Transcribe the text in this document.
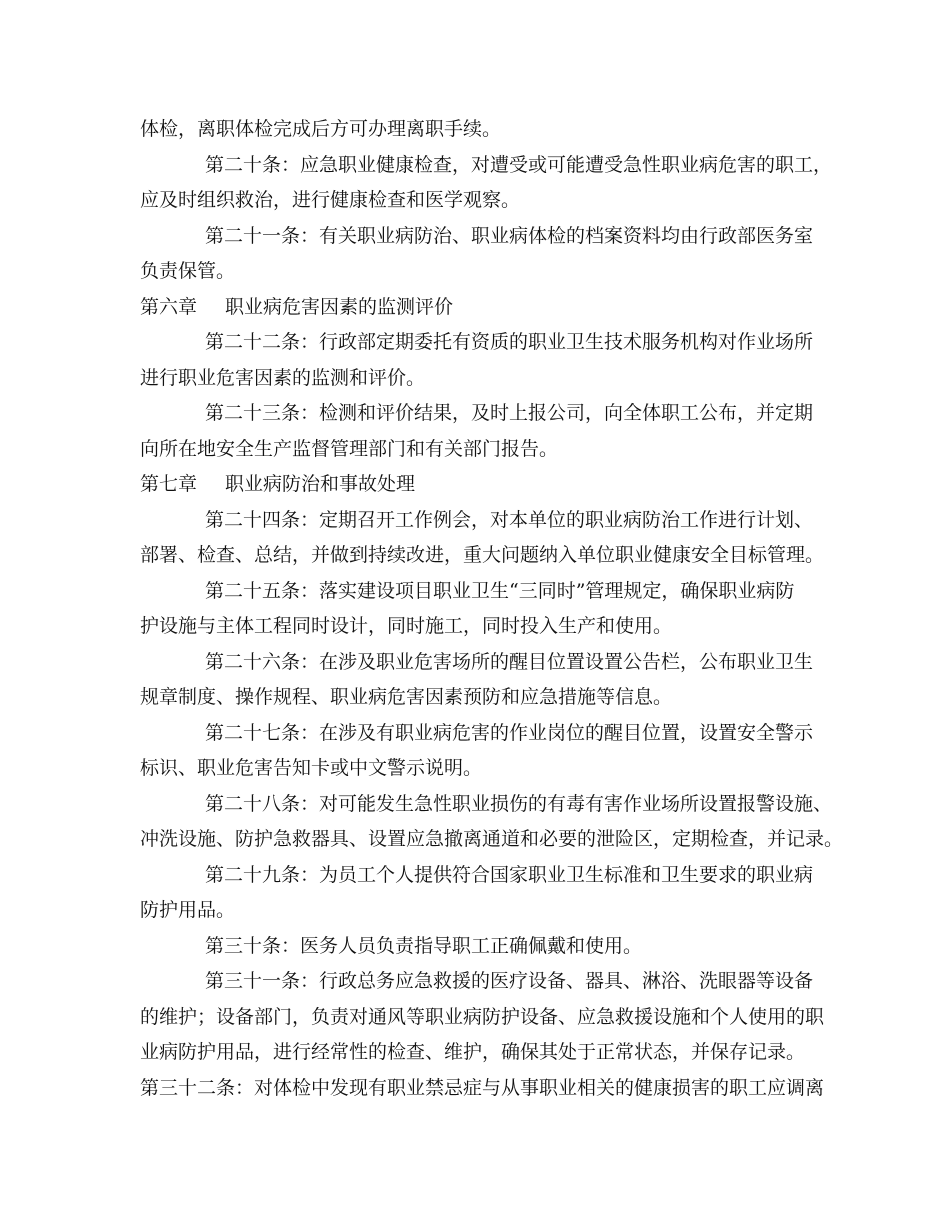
体检，离职体检完成后方可办理离职手续。
第二十条：应急职业健康检查，对遭受或可能遭受急性职业病危害的职工，
应及时组织救治，进行健康检查和医学观察。
第二十一条：有关职业病防治、职业病体检的档案资料均由行政部医务室
负责保管。
第六章 职业病危害因素的监测评价
第二十二条：行政部定期委托有资质的职业卫生技术服务机构对作业场所
进行职业危害因素的监测和评价。
第二十三条：检测和评价结果，及时上报公司，向全体职工公布，并定期
向所在地安全生产监督管理部门和有关部门报告。
第七章 职业病防治和事故处理
第二十四条：定期召开工作例会，对本单位的职业病防治工作进行计划、
部署、检查、总结，并做到持续改进，重大问题纳入单位职业健康安全目标管理。
第二十五条：落实建设项目职业卫生“三同时”管理规定，确保职业病防
护设施与主体工程同时设计，同时施工，同时投入生产和使用。
第二十六条：在涉及职业危害场所的醒目位置设置公告栏，公布职业卫生
规章制度、操作规程、职业病危害因素预防和应急措施等信息。
第二十七条：在涉及有职业病危害的作业岗位的醒目位置，设置安全警示
标识、职业危害告知卡或中文警示说明。
第二十八条：对可能发生急性职业损伤的有毒有害作业场所设置报警设施、
冲洗设施、防护急救器具、设置应急撤离通道和必要的泄险区，定期检查，并记录。
第二十九条：为员工个人提供符合国家职业卫生标准和卫生要求的职业病
防护用品。
第三十条：医务人员负责指导职工正确佩戴和使用。
第三十一条：行政总务应急救援的医疗设备、器具、淋浴、洗眼器等设备
的维护；设备部门，负责对通风等职业病防护设备、应急救援设施和个人使用的职
业病防护用品，进行经常性的检查、维护，确保其处于正常状态，并保存记录。
第三十二条：对体检中发现有职业禁忌症与从事职业相关的健康损害的职工应调离
